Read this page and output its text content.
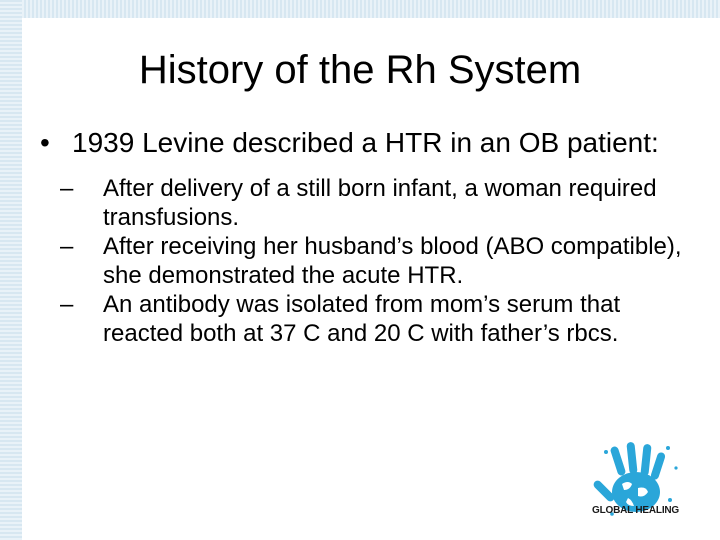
History of the Rh System
• 1939 Levine described a HTR in an OB patient:
– After delivery of a still born infant, a woman required transfusions.
– After receiving her husband’s blood (ABO compatible), she demonstrated the acute HTR.
– An antibody was isolated from mom’s serum that reacted both at 37 C and 20 C with father’s rbcs.
GLOBAL HEALING
